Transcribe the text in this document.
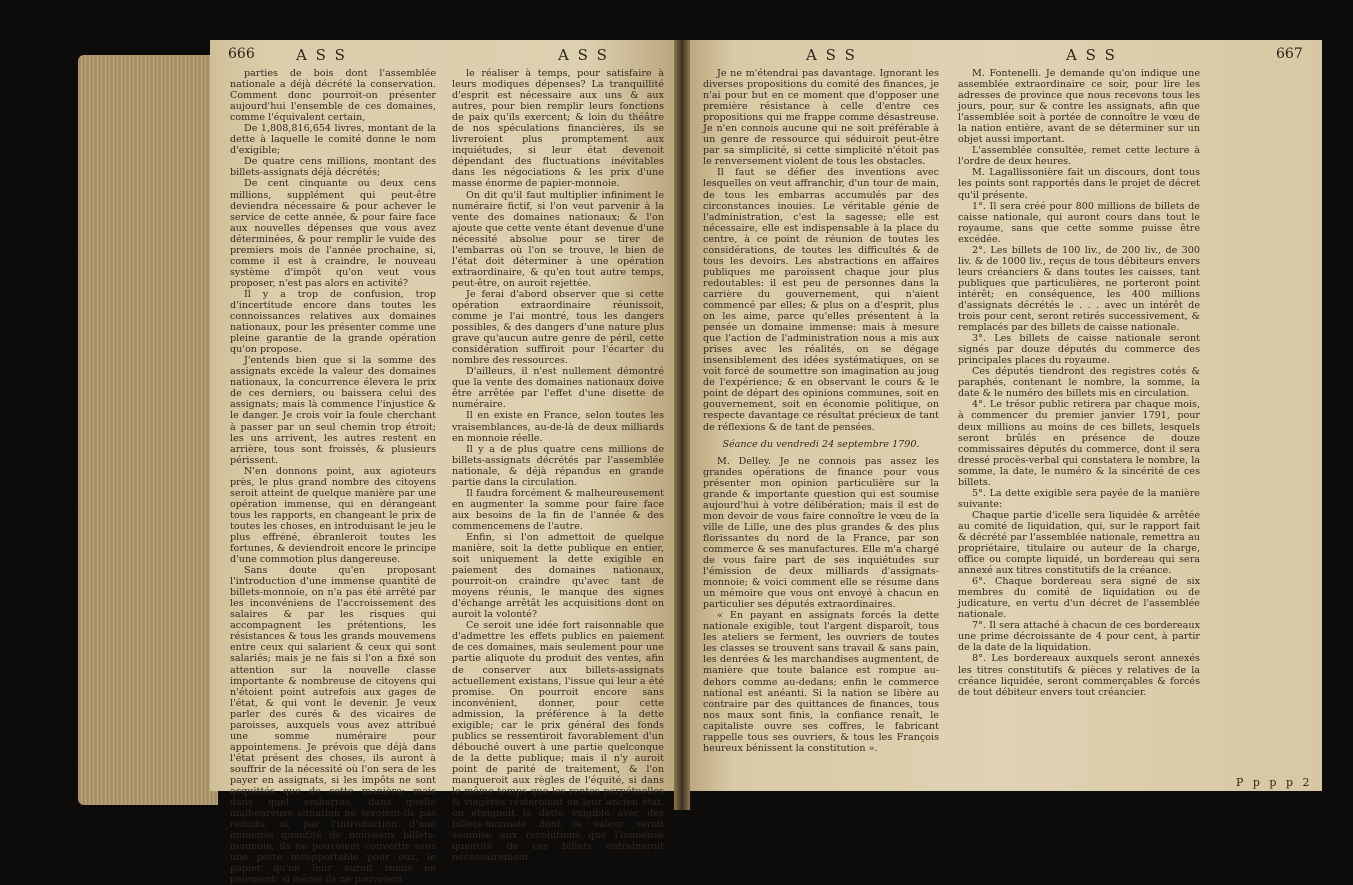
666	A S S	A S S	A S S	A S S	667

parties de bois dont l'assemblée nationale a déjà décrété la conservation. Comment donc pourroit-on présenter aujourd'hui l'ensemble de ces domaines, comme l'équivalent certain,

De 1,808,816,654 livres, montant de la dette à laquelle le comité donne le nom d'exigible;

De quatre cens millions, montant des billets-assignats déjà décrétés;

De cent cinquante ou deux cens millions, supplément qui peut-être deviendra nécessaire & pour achever le service de cette année, & pour faire face aux nouvelles dépenses que vous avez déterminées, & pour remplir le vuide des premiers mois de l'année prochaine, si, comme il est à craindre, le nouveau système d'impôt qu'on veut vous proposer, n'est pas alors en activité?

Il y a trop de confusion, trop d'incertitude encore dans toutes les connoissances relatives aux domaines nationaux, pour les présenter comme une pleine garantie de la grande opération qu'on propose.

J'entends bien que si la somme des assignats excède la valeur des domaines nationaux, la concurrence élevera le prix de ces derniers, ou baissera celui des assignats; mais là commence l'injustice & le danger. Je crois voir la foule cherchant à passer par un seul chemin trop étroit; les uns arrivent, les autres restent en arrière, tous sont froissés, & plusieurs périssent.

N'en donnons point, aux agioteurs près, le plus grand nombre des citoyens seroit atteint de quelque manière par une opération immense, qui en dérangeant tous les rapports, en changeant le prix de toutes les choses, en introduisant le jeu le plus effréné, ébranleroit toutes les fortunes, & deviendroit encore le principe d'une commotion plus dangereuse.

Sans doute qu'en proposant l'introduction d'une immense quantité de billets-monnoie, on n'a pas été arrêté par les inconvéniens de l'accroissement des salaires & par les risques qui accompagnent les prétentions, les résistances & tous les grands mouvemens entre ceux qui salarient & ceux qui sont salariés; mais je ne fais si l'on a fixé son attention sur la nouvelle classe importante & nombreuse de citoyens qui n'étoient point autrefois aux gages de l'état, & qui vont le devenir. Je veux parler des curés & des vicaires de paroisses, auxquels vous avez attribué une somme numéraire pour appointemens. Je prévois que déjà dans l'état présent des choses, ils auront à souffrir de la nécessité où l'on sera de les payer en assignats, si les impôts ne sont acquittés que de cette manière; mais dans quel embarras, dans quelle malheureuse situation ne seroient-ils pas réduits, si, par l'introduction d'une immense quantité de nouveaux billets-monnoie, ils ne pouvoient convertir sans une perte insupportable pour eux, le papier qu'on leur auroit remis en paiement; si même ils ne pouvoient

le réaliser à temps, pour satisfaire à leurs modiques dépenses? La tranquillité d'esprit est nécessaire aux uns & aux autres, pour bien remplir leurs fonctions de paix qu'ils exercent; & loin du théâtre de nos spéculations financières, ils se livreroient plus promptement aux inquiétudes, si leur état devenoit dépendant des fluctuations inévitables dans les négociations & les prix d'une masse énorme de papier-monnoie.

On dit qu'il faut multiplier infiniment le numéraire fictif, si l'on veut parvenir à la vente des domaines nationaux; & l'on ajoute que cette vente étant devenue d'une nécessité absolue pour se tirer de l'embarras où l'on se trouve, le bien de l'état doit déterminer à une opération extraordinaire, & qu'en tout autre temps, peut-être, on auroit rejettée.

Je ferai d'abord observer que si cette opération extraordinaire réunissoit, comme je l'ai montré, tous les dangers possibles, & des dangers d'une nature plus grave qu'aucun autre genre de péril, cette considération suffiroit pour l'écarter du nombre des ressources.

D'ailleurs, il n'est nullement démontré que la vente des domaines nationaux doive être arrêtée par l'effet d'une disette de numéraire.

Il en existe en France, selon toutes les vraisemblances, au-de-là de deux milliards en monnoie réelle.

Il y a de plus quatre cens millions de billets-assignats décrétés par l'assemblée nationale, & déjà répandus en grande partie dans la circulation.

Il faudra forcément & malheureusement en augmenter la somme pour faire face aux besoins de la fin de l'année & des commencemens de l'autre.

Enfin, si l'on admettoit de quelque manière, soit la dette publique en entier, soit uniquement la dette exigible en paiement des domaines nationaux, pourroit-on craindre qu'avec tant de moyens réunis, le manque des signes d'échange arrêtât les acquisitions dont on auroit la volonté?

Ce seroit une idée fort raisonnable que d'admettre les effets publics en paiement de ces domaines, mais seulement pour une partie aliquote du produit des ventes, afin de conserver aux billets-assignats actuellement existans, l'issue qui leur a été promise. On pourroit encore sans inconvénient, donner, pour cette admission, la préférence à la dette exigible; car le prix général des fonds publics se ressentiroit favorablement d'un débouché ouvert à une partie quelconque de la dette publique; mais il n'y auroit point de parité de traitement, & l'on manqueroit aux règles de l'équité, si dans le même temps que les rentes perpétuelles & viagères resteroient en leur ancien état, on éteignoit la dette exigible avec des billets-monnoie dont la valeur seroit soumise aux révolutions que l'immense quantité de ces billets entraîneroit nécessairement.

Je ne m'étendrai pas davantage. Ignorant les diverses propositions du comité des finances, je n'ai pour but en ce moment que d'opposer une première résistance à celle d'entre ces propositions qui me frappe comme désastreuse. Je n'en connois aucune qui ne soit préférable à un genre de ressource qui séduiroit peut-être par sa simplicité, si cette simplicité n'étoit pas le renversement violent de tous les obstacles.

Il faut se défier des inventions avec lesquelles on veut affranchir, d'un tour de main, de tous les embarras accumulés par des circonstances inouies. Le véritable génie de l'administration, c'est la sagesse; elle est nécessaire, elle est indispensable à la place du centre, à ce point de réunion de toutes les considérations, de toutes les difficultés & de tous les devoirs. Les abstractions en affaires publiques me paroissent chaque jour plus redoutables: il est peu de personnes dans la carrière du gouvernement, qui n'aient commencé par elles; & plus on a d'esprit, plus on les aime, parce qu'elles présentent à la pensée un domaine immense: mais à mesure que l'action de l'administration nous a mis aux prises avec les réalités, on se dégage insensiblement des idées systématiques, on se voit forcé de soumettre son imagination au joug de l'expérience; & en observant le cours & le point de départ des opinions communes, soit en gouvernement, soit en économie politique, on respecte davantage ce résultat précieux de tant de réflexions & de tant de pensées.

Séance du vendredi 24 septembre 1790.

M. Delley. Je ne connois pas assez les grandes opérations de finance pour vous présenter mon opinion particulière sur la grande & importante question qui est soumise aujourd'hui à votre délibération; mais il est de mon devoir de vous faire connoître le vœu de la ville de Lille, une des plus grandes & des plus florissantes du nord de la France, par son commerce & ses manufactures. Elle m'a chargé de vous faire part de ses inquiétudes sur l'émission de deux milliards d'assignats-monnoie; & voici comment elle se résume dans un mémoire que vous ont envoyé à chacun en particulier ses députés extraordinaires.

« En payant en assignats forcés la dette nationale exigible, tout l'argent disparoît, tous les ateliers se ferment, les ouvriers de toutes les classes se trouvent sans travail & sans pain, les denrées & les marchandises augmentent, de manière que toute balance est rompue au-dehors comme au-dedans; enfin le commerce national est anéanti. Si la nation se libère au contraire par des quittances de finances, tous nos maux sont finis, la confiance renaît, le capitaliste ouvre ses coffres, le fabricant rappelle tous ses ouvriers, & tous les François heureux bénissent la constitution ».

M. Fontenelli. Je demande qu'on indique une assemblée extraordinaire ce soir, pour lire les adresses de province que nous recevons tous les jours, pour, sur & contre les assignats, afin que l'assemblée soit à portée de connoître le vœu de la nation entière, avant de se déterminer sur un objet aussi important.

L'assemblée consultée, remet cette lecture à l'ordre de deux heures.

M. Lagallissonière fait un discours, dont tous les points sont rapportés dans le projet de décret qu'il présente.

1°. Il sera créé pour 800 millions de billets de caisse nationale, qui auront cours dans tout le royaume, sans que cette somme puisse être excédée.

2°. Les billets de 100 liv., de 200 liv., de 300 liv. & de 1000 liv., reçus de tous débiteurs envers leurs créanciers & dans toutes les caisses, tant publiques que particulières, ne porteront point intérêt; en conséquence, les 400 millions d'assignats décrétés le . . . avec un intérêt de trois pour cent, seront retirés successivement, & remplacés par des billets de caisse nationale.

3°. Les billets de caisse nationale seront signés par douze députés du commerce des principales places du royaume.

Ces députés tiendront des registres cotés & paraphés, contenant le nombre, la somme, la date & le numéro des billets mis en circulation.

4°. Le trésor public retirera par chaque mois, à commencer du premier janvier 1791, pour deux millions au moins de ces billets, lesquels seront brûlés en présence de douze commissaires députés du commerce, dont il sera dressé procès-verbal qui constatera le nombre, la somme, la date, le numéro & la sincérité de ces billets.

5°. La dette exigible sera payée de la manière suivante:

Chaque partie d'icelle sera liquidée & arrêtée au comité de liquidation, qui, sur le rapport fait & décrété par l'assemblée nationale, remettra au propriétaire, titulaire ou auteur de la charge, office ou compte liquidé, un bordereau qui sera annexé aux titres constitutifs de la créance.

6°. Chaque bordereau sera signé de six membres du comité de liquidation ou de judicature, en vertu d'un décret de l'assemblée nationale.

7°. Il sera attaché à chacun de ces bordereaux une prime décroissante de 4 pour cent, à partir de la date de la liquidation.

8°. Les bordereaux auxquels seront annexés les titres constitutifs & pièces y relatives de la créance liquidée, seront commerçables & forcés de tout débiteur envers tout créancier.

P p p p 2
